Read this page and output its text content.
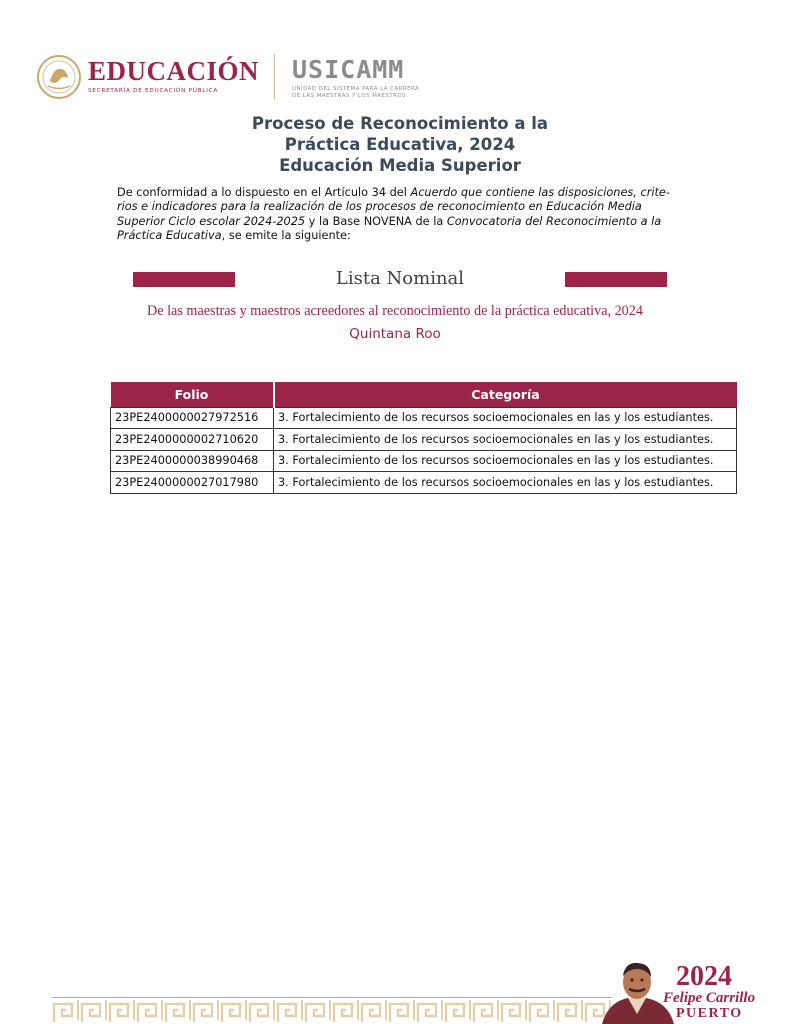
EDUCACIÓN
SECRETARÍA DE EDUCACIÓN PÚBLICA
USICAMM
UNIDAD DEL SISTEMA PARA LA CARRERA
DE LAS MAESTRAS Y LOS MAESTROS
Proceso de Reconocimiento a la
Práctica Educativa, 2024
Educación Media Superior

De conformidad a lo dispuesto en el Artículo 34 del Acuerdo que contiene las disposiciones, crite-rios e indicadores para la realización de los procesos de reconocimiento en Educación Media Superior Ciclo escolar 2024-2025 y la Base NOVENA de la Convocatoria del Reconocimiento a la Práctica Educativa, se emite la siguiente:

Lista Nominal
De las maestras y maestros acreedores al reconocimiento de la práctica educativa, 2024
Quintana Roo
Folio	Categoría
23PE2400000027972516	3. Fortalecimiento de los recursos socioemocionales en las y los estudiantes.
23PE2400000002710620	3. Fortalecimiento de los recursos socioemocionales en las y los estudiantes.
23PE2400000038990468	3. Fortalecimiento de los recursos socioemocionales en las y los estudiantes.
23PE2400000027017980	3. Fortalecimiento de los recursos socioemocionales en las y los estudiantes.
2024
Felipe Carrillo
PUERTO
